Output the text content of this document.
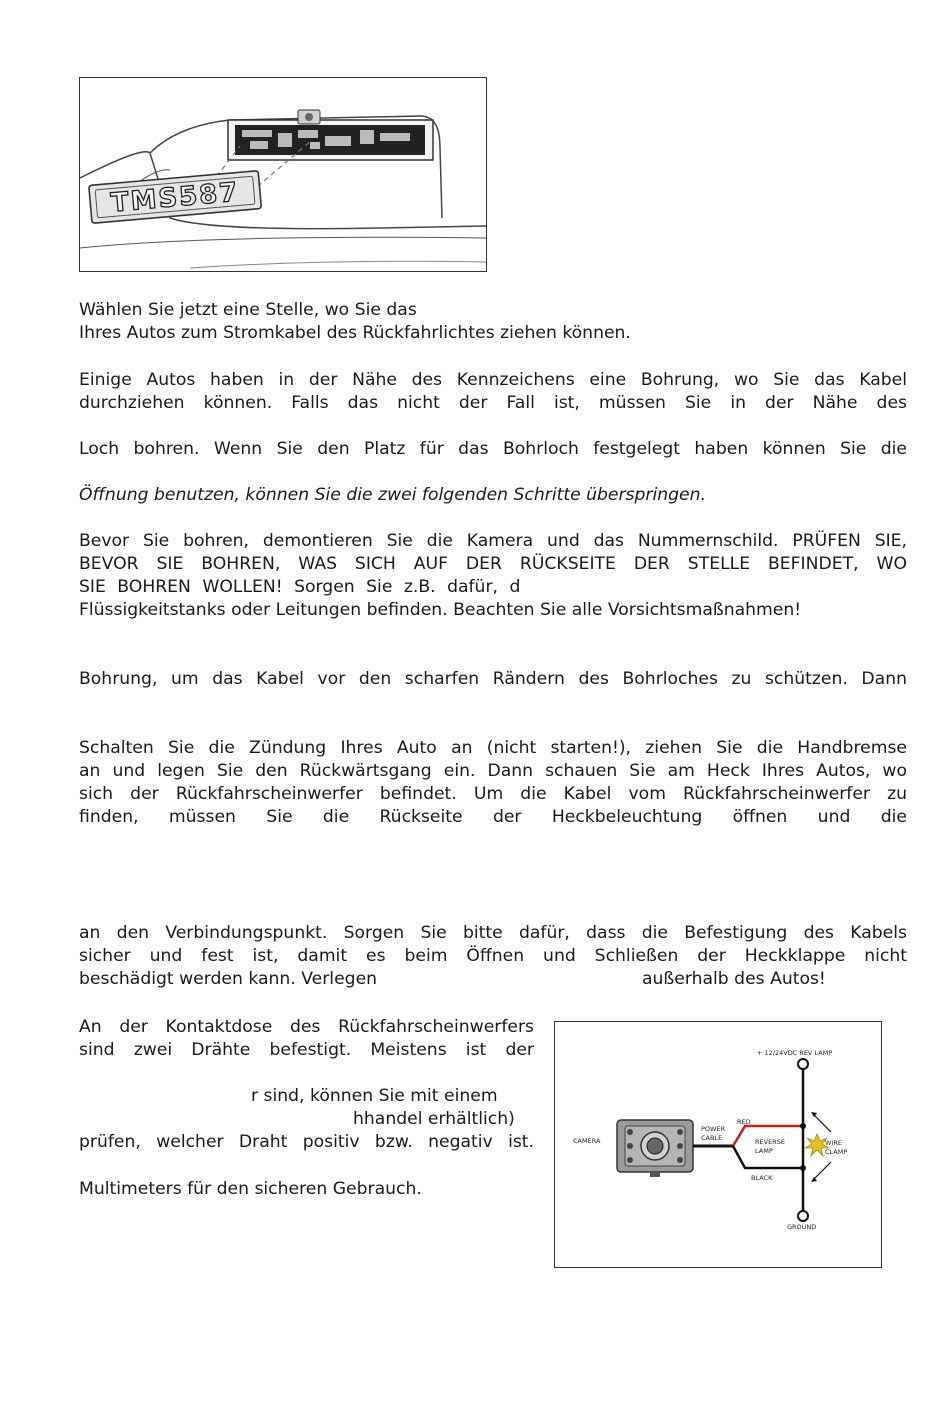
TMS587
Wählen Sie jetzt eine Stelle, wo Sie das
Ihres Autos zum Stromkabel des Rückfahrlichtes ziehen können.
Einige Autos haben in der Nähe des Kennzeichens eine Bohrung, wo Sie das Kabel
durchziehen können. Falls das nicht der Fall ist, müssen Sie in der Nähe des
Loch bohren. Wenn Sie den Platz für das Bohrloch festgelegt haben können Sie die
Öffnung benutzen, können Sie die zwei folgenden Schritte überspringen.
Bevor Sie bohren, demontieren Sie die Kamera und das Nummernschild. PRÜFEN SIE,
BEVOR SIE BOHREN, WAS SICH AUF DER RÜCKSEITE DER STELLE BEFINDET, WO
SIE BOHREN WOLLEN! Sorgen Sie z.B. dafür, d
Flüssigkeitstanks oder Leitungen befinden. Beachten Sie alle Vorsichtsmaßnahmen!
Bohrung, um das Kabel vor den scharfen Rändern des Bohrloches zu schützen. Dann
Schalten Sie die Zündung Ihres Auto an (nicht starten!), ziehen Sie die Handbremse
an und legen Sie den Rückwärtsgang ein. Dann schauen Sie am Heck Ihres Autos, wo
sich der Rückfahrscheinwerfer befindet. Um die Kabel vom Rückfahrscheinwerfer zu
finden, müssen Sie die Rückseite der Heckbeleuchtung öffnen und die
an den Verbindungspunkt. Sorgen Sie bitte dafür, dass die Befestigung des Kabels
sicher und fest ist, damit es beim Öffnen und Schließen der Heckklappe nicht
beschädigt werden kann. Verlegen	außerhalb des Autos!
An der Kontaktdose des Rückfahrscheinwerfers
sind zwei Drähte befestigt. Meistens ist der
r sind, können Sie mit einem
hhandel erhältlich)
prüfen, welcher Draht positiv bzw. negativ ist.
Multimeters für den sicheren Gebrauch.
+ 12/24VDC REV LAMP
CAMERA
POWER
CABLE
RED
REVERSE
LAMP
BLACK
WIRE
CLAMP
GROUND
